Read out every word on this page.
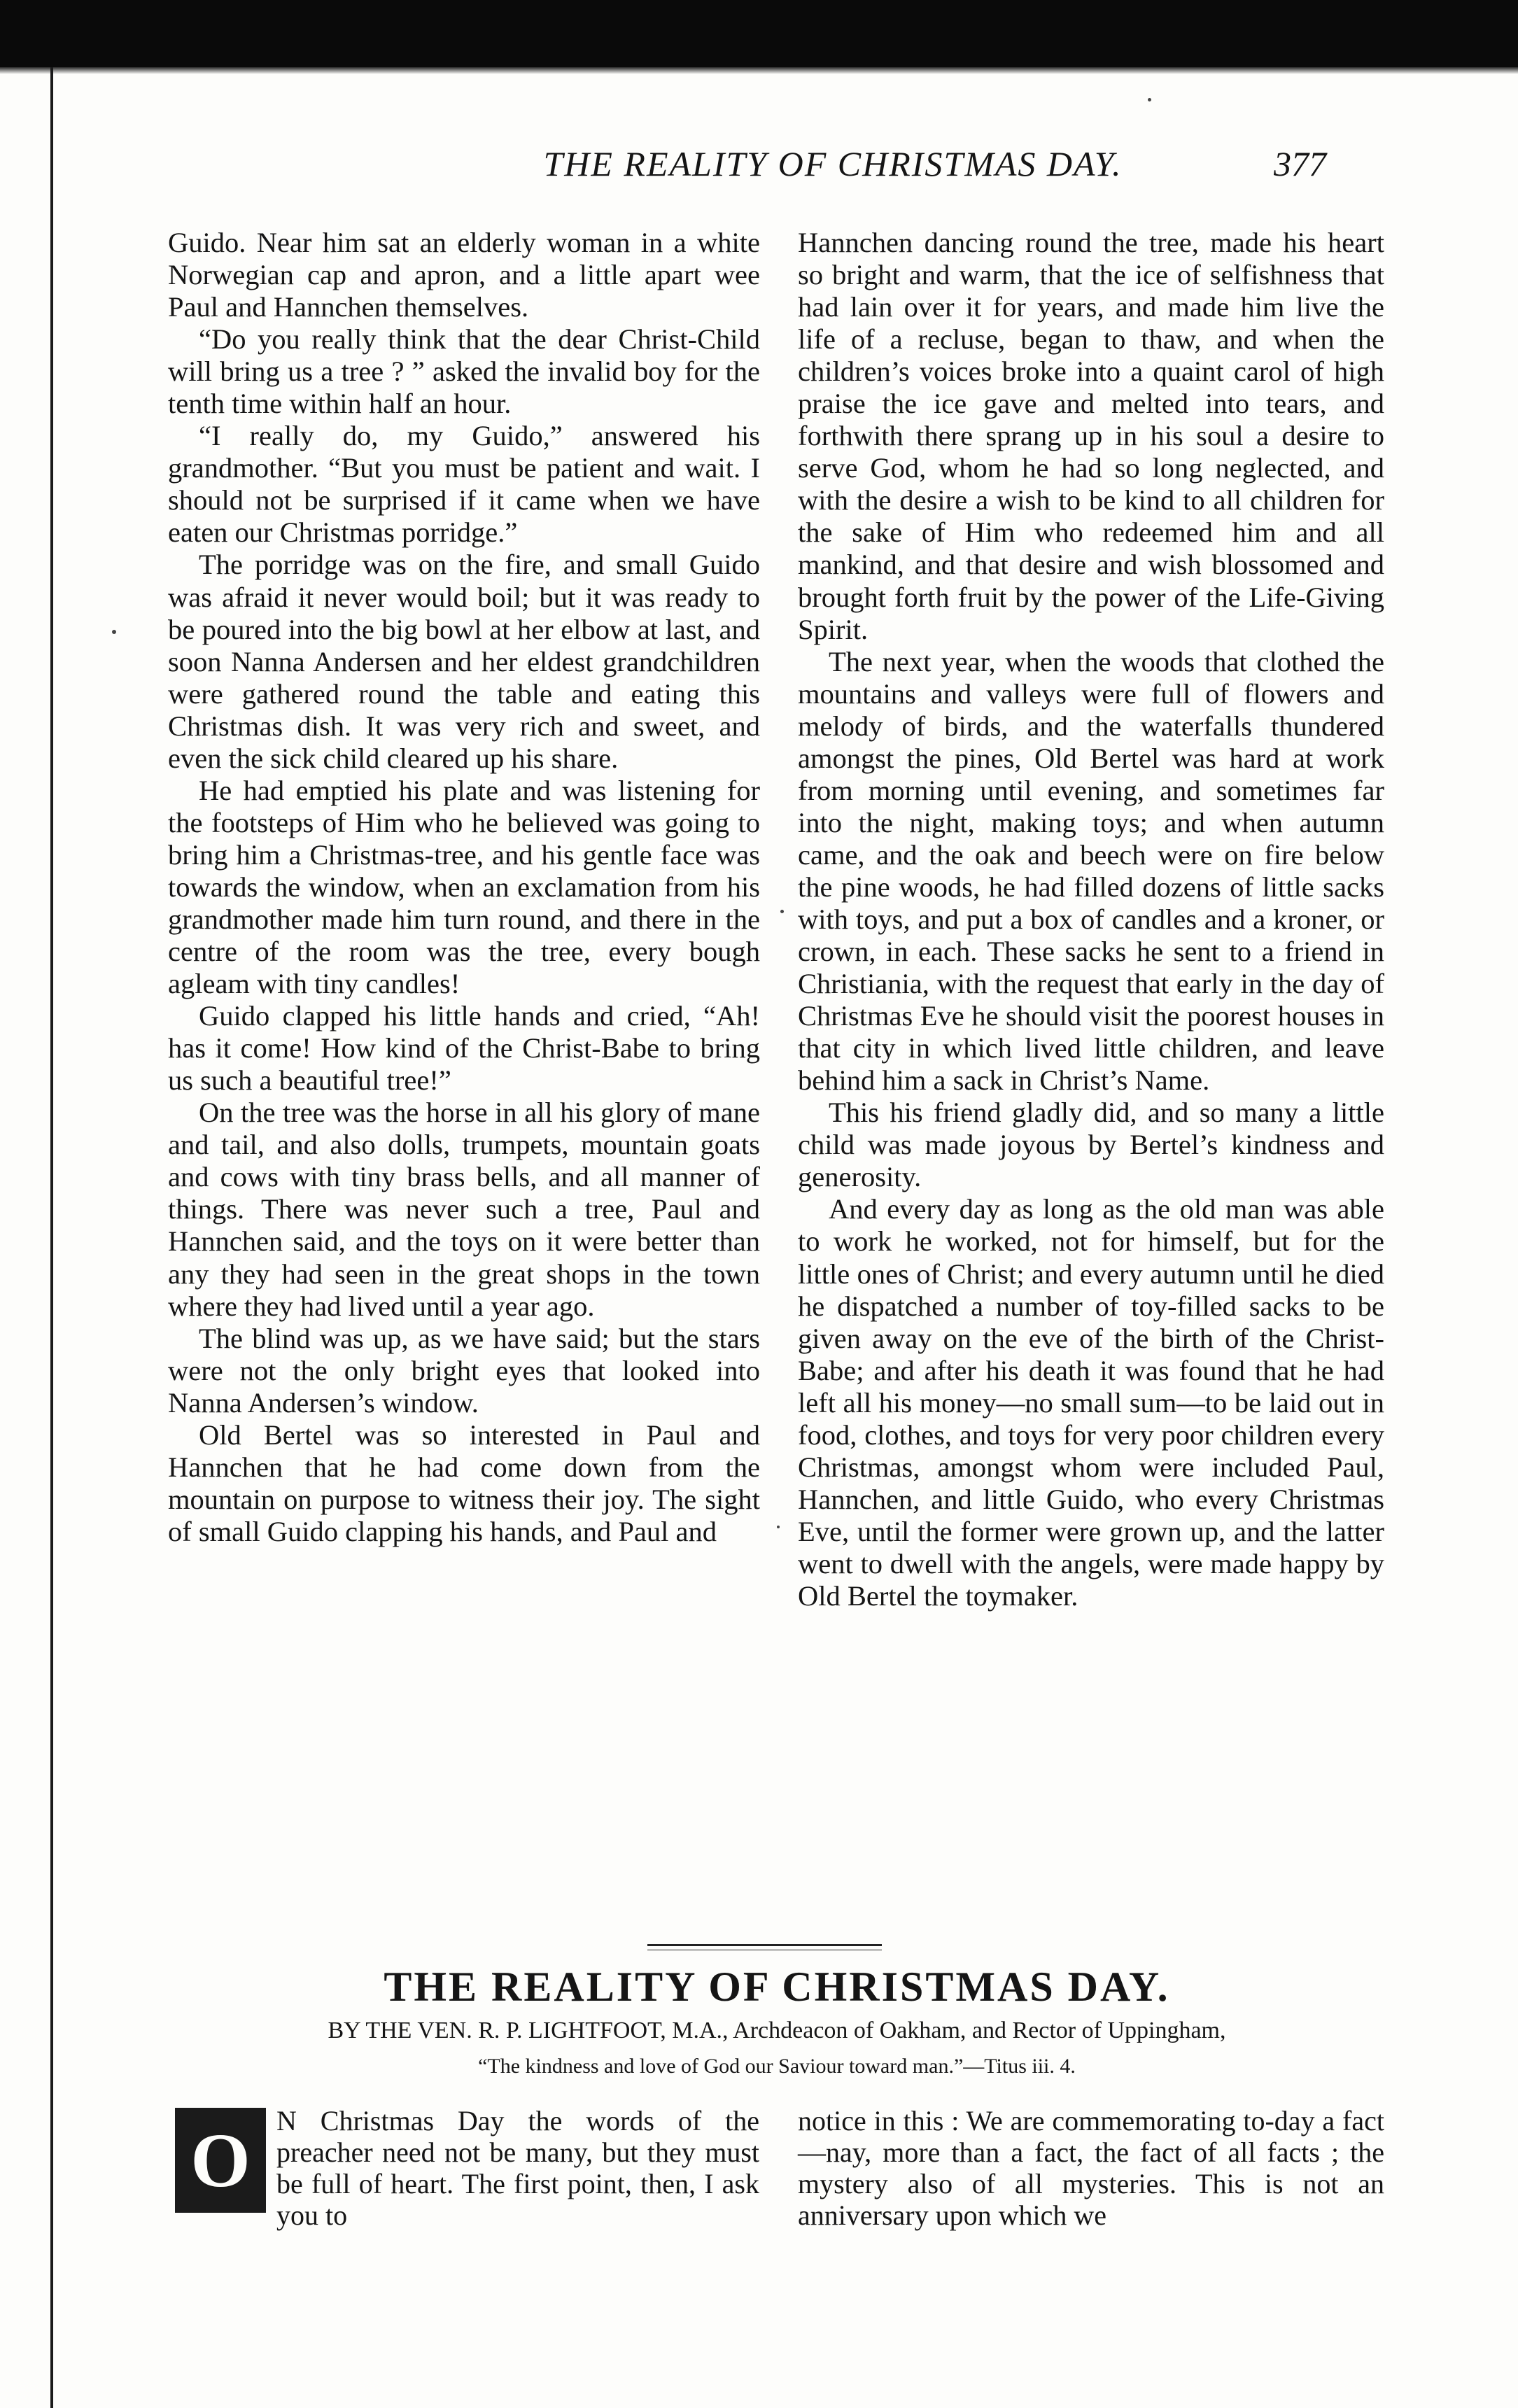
THE REALITY OF CHRISTMAS DAY.	377

Guido. Near him sat an elderly woman in a white Norwegian cap and apron, and a little apart wee Paul and Hannchen themselves.

“Do you really think that the dear Christ-Child will bring us a tree ? ” asked the invalid boy for the tenth time within half an hour.

“I really do, my Guido,” answered his grandmother. “But you must be patient and wait. I should not be surprised if it came when we have eaten our Christmas porridge.”

The porridge was on the fire, and small Guido was afraid it never would boil; but it was ready to be poured into the big bowl at her elbow at last, and soon Nanna Andersen and her eldest grandchildren were gathered round the table and eating this Christmas dish. It was very rich and sweet, and even the sick child cleared up his share.

He had emptied his plate and was listening for the footsteps of Him who he believed was going to bring him a Christmas-tree, and his gentle face was towards the window, when an exclamation from his grandmother made him turn round, and there in the centre of the room was the tree, every bough agleam with tiny candles!

Guido clapped his little hands and cried, “Ah! has it come! How kind of the Christ-Babe to bring us such a beautiful tree!”

On the tree was the horse in all his glory of mane and tail, and also dolls, trumpets, mountain goats and cows with tiny brass bells, and all manner of things. There was never such a tree, Paul and Hannchen said, and the toys on it were better than any they had seen in the great shops in the town where they had lived until a year ago.

The blind was up, as we have said; but the stars were not the only bright eyes that looked into Nanna Andersen’s window.

Old Bertel was so interested in Paul and Hannchen that he had come down from the mountain on purpose to witness their joy. The sight of small Guido clapping his hands, and Paul and

Hannchen dancing round the tree, made his heart so bright and warm, that the ice of selfishness that had lain over it for years, and made him live the life of a recluse, began to thaw, and when the children’s voices broke into a quaint carol of high praise the ice gave and melted into tears, and forthwith there sprang up in his soul a desire to serve God, whom he had so long neglected, and with the desire a wish to be kind to all children for the sake of Him who redeemed him and all mankind, and that desire and wish blossomed and brought forth fruit by the power of the Life-Giving Spirit.

The next year, when the woods that clothed the mountains and valleys were full of flowers and melody of birds, and the waterfalls thundered amongst the pines, Old Bertel was hard at work from morning until evening, and sometimes far into the night, making toys; and when autumn came, and the oak and beech were on fire below the pine woods, he had filled dozens of little sacks with toys, and put a box of candles and a kroner, or crown, in each. These sacks he sent to a friend in Christiania, with the request that early in the day of Christmas Eve he should visit the poorest houses in that city in which lived little children, and leave behind him a sack in Christ’s Name.

This his friend gladly did, and so many a little child was made joyous by Bertel’s kindness and generosity.

And every day as long as the old man was able to work he worked, not for himself, but for the little ones of Christ; and every autumn until he died he dispatched a number of toy-filled sacks to be given away on the eve of the birth of the Christ-Babe; and after his death it was found that he had left all his money—no small sum—to be laid out in food, clothes, and toys for very poor children every Christmas, amongst whom were included Paul, Hannchen, and little Guido, who every Christmas Eve, until the former were grown up, and the latter went to dwell with the angels, were made happy by Old Bertel the toymaker.

THE REALITY OF CHRISTMAS DAY.
BY THE VEN. R. P. LIGHTFOOT, M.A., Archdeacon of Oakham, and Rector of Uppingham,
“The kindness and love of God our Saviour toward man.”—Titus iii. 4.
O N Christmas Day the words of the preacher need not be many, but they must be full of heart. The first point, then, I ask you to

notice in this : We are commemorating to-day a fact—nay, more than a fact, the fact of all facts ; the mystery also of all mysteries. This is not an anniversary upon which we
